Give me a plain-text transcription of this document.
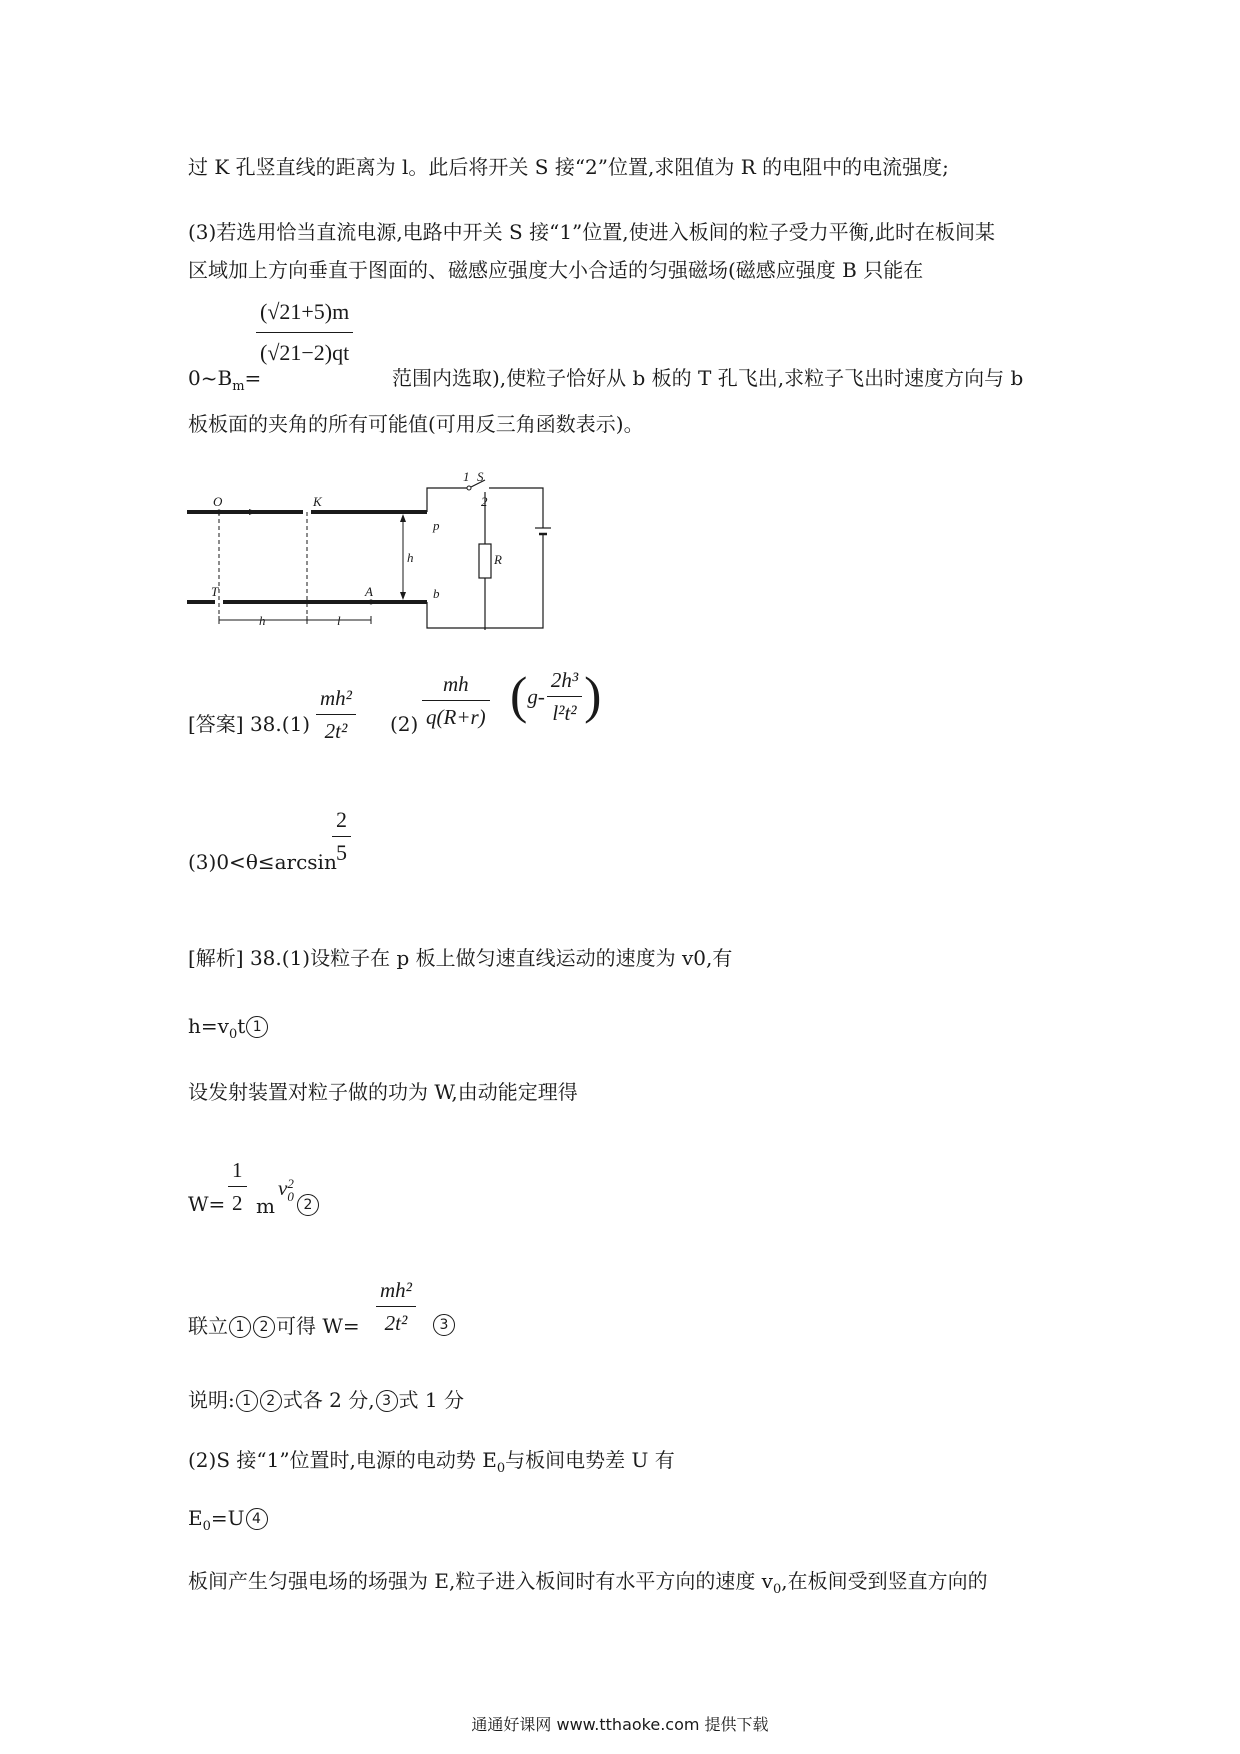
过 K 孔竖直线的距离为 l。此后将开关 S 接“2”位置,求阻值为 R 的电阻中的电流强度;
(3)若选用恰当直流电源,电路中开关 S 接“1”位置,使进入板间的粒子受力平衡,此时在板间某
区域加上方向垂直于图面的、磁感应强度大小合适的匀强磁场(磁感应强度 B 只能在
$0\sim B_m=$
$\frac{(√21+5)m}{(√21-2)qt}$
范围内选取),使粒子恰好从 b 板的 T 孔飞出,求粒子飞出时速度方向与 b
板板面的夹角的所有可能值(可用反三角函数表示)。
O	K
T	A
p
b
h
h	l
R
1 S
2
[答案] $38.(1) \frac{\text{mh²}}{\text{2t²}} (2) \frac{mh}{q(R+r)} (g- \frac{\text{2h³}}{\text{l²t²}}$ )
(3)0<θ≤arcsin
$\frac{2}{5}$
[解析] 38.(1)设粒子在 p 板上做匀速直线运动的速度为 v0,有
$h=v_0t$ 1
设发射装置对粒子做的功为 W,由动能定理得
$W= \frac{1}{2}$ m
v 2
0
2
联立 1 2 可得 $W= \frac{\text{mh²}}{\text{2t²}}$	3
说明: 1 2 式各 2 分, 3 式 1 分
(2)S 接“1”位置时,电源的电动势 $E_0$与板间电势差 U 有
$E_0=U$ 4
板间产生匀强电场的场强为 E,粒子进入板间时有水平方向的速度 $v_0$,在板间受到竖直方向的
通通好课网 www.tthaoke.com 提供下载
